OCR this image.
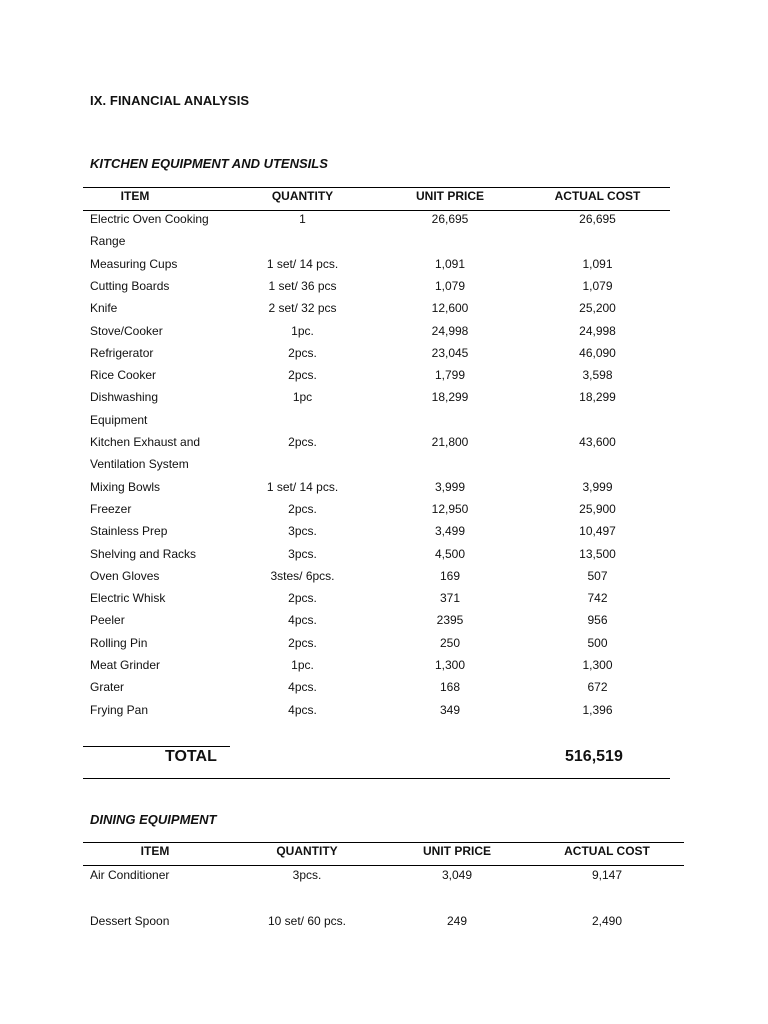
IX. FINANCIAL ANALYSIS
KITCHEN EQUIPMENT AND UTENSILS
ITEM	QUANTITY	UNIT PRICE	ACTUAL COST
Electric Oven Cooking	1	26,695	26,695
Range
Measuring Cups	1 set/ 14 pcs.	1,091	1,091
Cutting Boards	1 set/ 36 pcs	1,079	1,079
Knife	2 set/ 32 pcs	12,600	25,200
Stove/Cooker	1pc.	24,998	24,998
Refrigerator	2pcs.	23,045	46,090
Rice Cooker	2pcs.	1,799	3,598
Dishwashing	1pc	18,299	18,299
Equipment
Kitchen Exhaust and	2pcs.	21,800	43,600
Ventilation System
Mixing Bowls	1 set/ 14 pcs.	3,999	3,999
Freezer	2pcs.	12,950	25,900
Stainless Prep	3pcs.	3,499	10,497
Shelving and Racks	3pcs.	4,500	13,500
Oven Gloves	3stes/ 6pcs.	169	507
Electric Whisk	2pcs.	371	742
Peeler	4pcs.	2395	956
Rolling Pin	2pcs.	250	500
Meat Grinder	1pc.	1,300	1,300
Grater	4pcs.	168	672
Frying Pan	4pcs.	349	1,396
TOTAL	516,519
DINING EQUIPMENT
ITEM	QUANTITY	UNIT PRICE	ACTUAL COST
Air Conditioner	3pcs.	3,049	9,147
Dessert Spoon	10 set/ 60 pcs.	249	2,490
